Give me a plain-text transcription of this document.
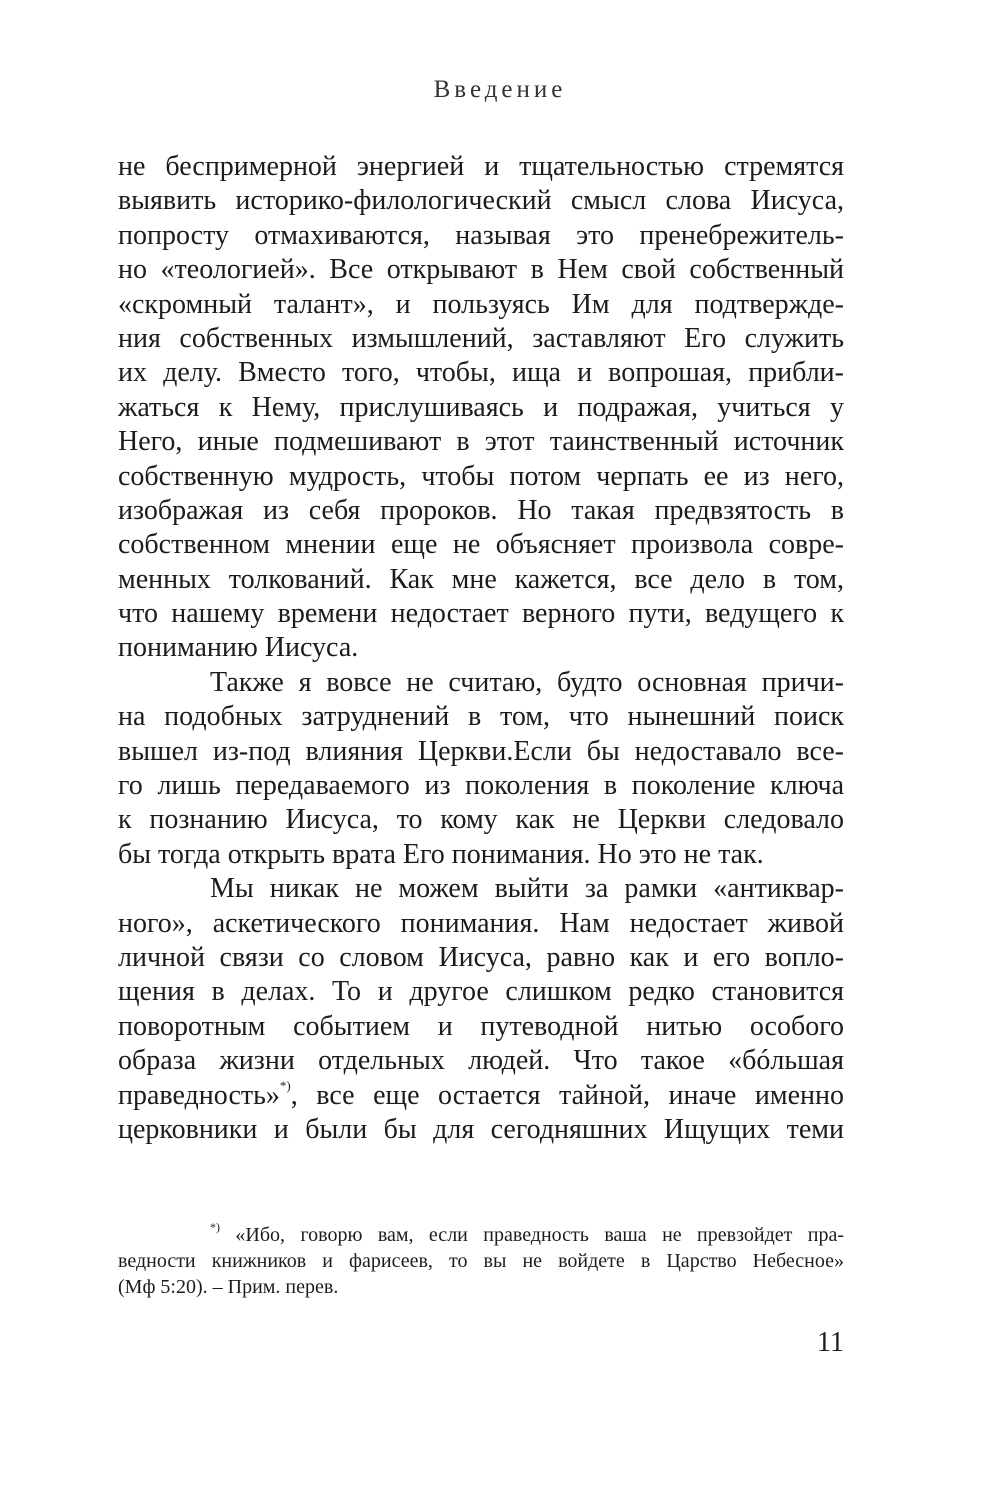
Введение
не беспримерной энергией и тщательностью стремятся
выявить историко-филологический смысл слова Иисуса,
попросту отмахиваются, называя это пренебрежитель-
но «теологией». Все открывают в Нем свой собственный
«скромный талант», и пользуясь Им для подтвержде-
ния собственных измышлений, заставляют Его служить
их делу. Вместо того, чтобы, ища и вопрошая, прибли-
жаться к Нему, прислушиваясь и подражая, учиться у
Него, иные подмешивают в этот таинственный источник
собственную мудрость, чтобы потом черпать ее из него,
изображая из себя пророков. Но такая предвзятость в
собственном мнении еще не объясняет произвола совре-
менных толкований. Как мне кажется, все дело в том,
что нашему времени недостает верного пути, ведущего к
пониманию Иисуса.
Также я вовсе не считаю, будто основная причи-
на подобных затруднений в том, что нынешний поиск
вышел из-под влияния Церкви.Если бы недоставало все-
го лишь передаваемого из поколения в поколение ключа
к познанию Иисуса, то кому как не Церкви следовало
бы тогда открыть врата Его понимания. Но это не так.
Мы никак не можем выйти за рамки «антиквар-
ного», аскетического понимания. Нам недостает живой
личной связи со словом Иисуса, равно как и его вопло-
щения в делах. То и другое слишком редко становится
поворотным событием и путеводной нитью особого
образа жизни отдельных людей. Что такое «бóльшая
праведность»*), все еще остается тайной, иначе именно
церковники и были бы для сегодняшних Ищущих теми
*) «Ибо, говорю вам, если праведность ваша не превзойдет пра-
ведности книжников и фарисеев, то вы не войдете в Царство Небесное»
(Мф 5:20). – Прим. перев.
11
